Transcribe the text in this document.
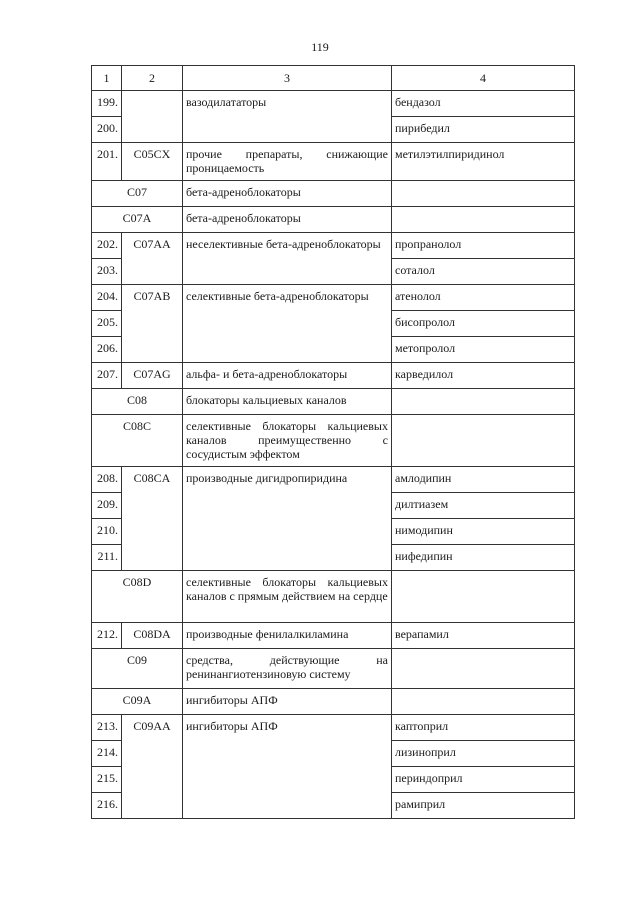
119
1	2	3	4
199.		вазодилататоры	бендазол
200.			пирибедил
201.	C05CX	прочие препараты, снижающие проницаемость	метилэтилпиридинол
C07		бета-адреноблокаторы	
C07A		бета-адреноблокаторы	
202.	C07AA	неселективные бета-адреноблокаторы	пропранолол
203.			соталол
204.	C07AB	селективные бета-адреноблокаторы	атенолол
205.			бисопролол
206.			метопролол
207.	C07AG	альфа- и бета-адреноблокаторы	карведилол
C08		блокаторы кальциевых каналов	
C08C		селективные блокаторы кальциевых каналов преимущественно с сосудистым эффектом	
208.	C08CA	производные дигидропиридина	амлодипин
209.			дилтиазем
210.			нимодипин
211.			нифедипин
C08D		селективные блокаторы кальциевых каналов с прямым действием на сердце	
212.	C08DA	производные фенилалкиламина	верапамил
C09		средства, действующие на ренинангиотензиновую систему	
C09A		ингибиторы АПФ	
213.	C09AA	ингибиторы АПФ	каптоприл
214.			лизиноприл
215.			периндоприл
216.			рамиприл
